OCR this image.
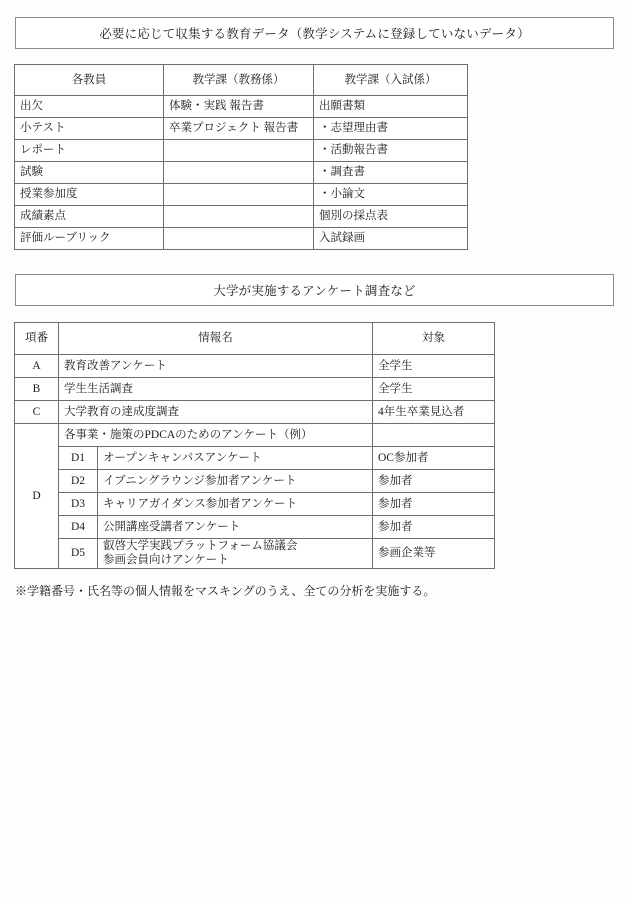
必要に応じて収集する教育データ（教学システムに登録していないデータ）
各教員	教学課（教務係）	教学課（入試係）
出欠	体験・実践 報告書	出願書類
小テスト	卒業プロジェクト 報告書	・志望理由書
レポート		・活動報告書
試験		・調査書
授業参加度		・小論文
成績素点		個別の採点表
評価ルーブリック		入試録画
大学が実施するアンケート調査など
項番	情報名		対象
A	教育改善アンケート		全学生
B	学生生活調査		全学生
C	大学教育の達成度調査		4年生卒業見込者
D	各事業・施策のPDCAのためのアンケート（例）		
	D1	オープンキャンパスアンケート	OC参加者
	D2	イブニングラウンジ参加者アンケート	参加者
	D3	キャリアガイダンス参加者アンケート	参加者
	D4	公開講座受講者アンケート	参加者
	D5	叡啓大学実践プラットフォーム協議会
参画会員向けアンケート	参画企業等
※学籍番号・氏名等の個人情報をマスキングのうえ、全ての分析を実施する。
